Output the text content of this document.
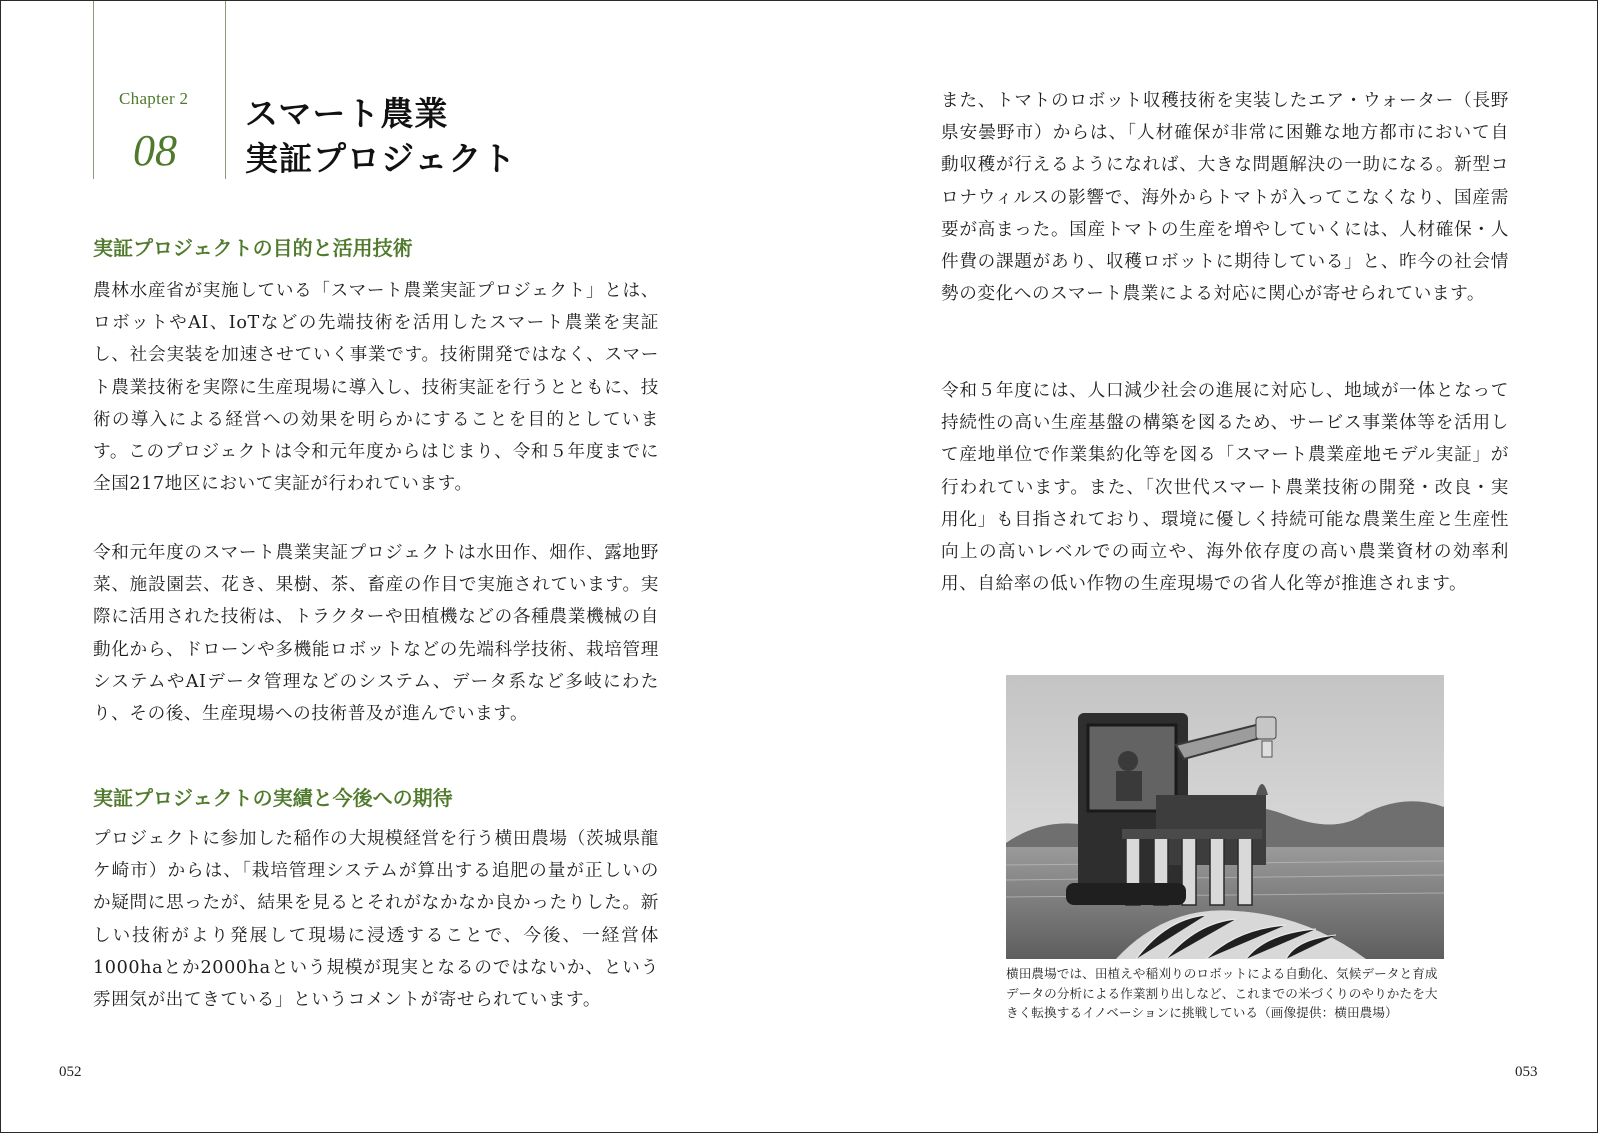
Chapter 2
08
スマート農業
実証プロジェクト
実証プロジェクトの目的と活用技術

農林水産省が実施している「スマート農業実証プロジェクト」とは、ロボットやAI、IoTなどの先端技術を活用したスマート農業を実証し、社会実装を加速させていく事業です。技術開発ではなく、スマート農業技術を実際に生産現場に導入し、技術実証を行うとともに、技術の導入による経営への効果を明らかにすることを目的としています。このプロジェクトは令和元年度からはじまり、令和５年度までに全国217地区において実証が行われています。

令和元年度のスマート農業実証プロジェクトは水田作、畑作、露地野菜、施設園芸、花き、果樹、茶、畜産の作目で実施されています。実際に活用された技術は、トラクターや田植機などの各種農業機械の自動化から、ドローンや多機能ロボットなどの先端科学技術、栽培管理システムやAIデータ管理などのシステム、データ系など多岐にわたり、その後、生産現場への技術普及が進んでいます。

実証プロジェクトの実績と今後への期待

プロジェクトに参加した稲作の大規模経営を行う横田農場（茨城県龍ケ崎市）からは、「栽培管理システムが算出する追肥の量が正しいのか疑問に思ったが、結果を見るとそれがなかなか良かったりした。新しい技術がより発展して現場に浸透することで、今後、一経営体1000haとか2000haという規模が現実となるのではないか、という雰囲気が出てきている」というコメントが寄せられています。

また、トマトのロボット収穫技術を実装したエア・ウォーター（長野県安曇野市）からは、「人材確保が非常に困難な地方都市において自動収穫が行えるようになれば、大きな問題解決の一助になる。新型コロナウィルスの影響で、海外からトマトが入ってこなくなり、国産需要が高まった。国産トマトの生産を増やしていくには、人材確保・人件費の課題があり、収穫ロボットに期待している」と、昨今の社会情勢の変化へのスマート農業による対応に関心が寄せられています。

令和５年度には、人口減少社会の進展に対応し、地域が一体となって持続性の高い生産基盤の構築を図るため、サービス事業体等を活用して産地単位で作業集約化等を図る「スマート農業産地モデル実証」が行われています。また、「次世代スマート農業技術の開発・改良・実用化」も目指されており、環境に優しく持続可能な農業生産と生産性向上の高いレベルでの両立や、海外依存度の高い農業資材の効率利用、自給率の低い作物の生産現場での省人化等が推進されます。

横田農場では、田植えや稲刈りのロボットによる自動化、気候データと育成データの分析による作業割り出しなど、これまでの米づくりのやりかたを大きく転換するイノベーションに挑戦している（画像提供：横田農場）

052	053
